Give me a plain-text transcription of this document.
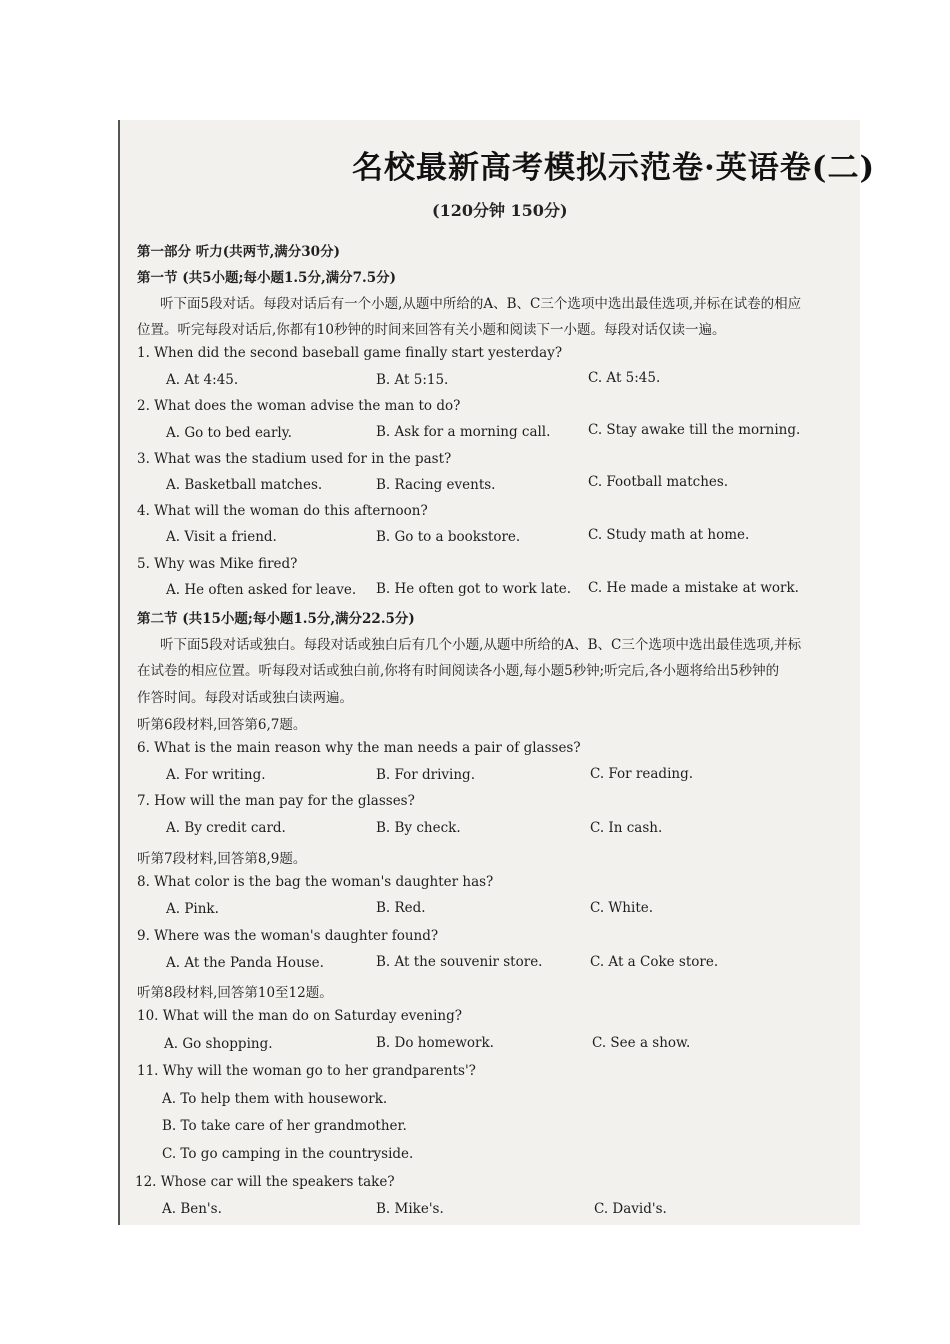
名校最新高考模拟示范卷·英语卷(二)
(120分钟 150分)
第一部分 听力(共两节,满分30分)
第一节 (共5小题;每小题1.5分,满分7.5分)
听下面5段对话。每段对话后有一个小题,从题中所给的A、B、C三个选项中选出最佳选项,并标在试卷的相应
位置。听完每段对话后,你都有10秒钟的时间来回答有关小题和阅读下一小题。每段对话仅读一遍。
1. When did the second baseball game finally start yesterday?
A. At 4:45.	B. At 5:15.	C. At 5:45.
2. What does the woman advise the man to do?
A. Go to bed early.	B. Ask for a morning call.	C. Stay awake till the morning.
3. What was the stadium used for in the past?
A. Basketball matches.	B. Racing events.	C. Football matches.
4. What will the woman do this afternoon?
A. Visit a friend.	B. Go to a bookstore.	C. Study math at home.
5. Why was Mike fired?
A. He often asked for leave. B. He often got to work late. C. He made a mistake at work.
第二节 (共15小题;每小题1.5分,满分22.5分)
听下面5段对话或独白。每段对话或独白后有几个小题,从题中所给的A、B、C三个选项中选出最佳选项,并标
在试卷的相应位置。听每段对话或独白前,你将有时间阅读各小题,每小题5秒钟;听完后,各小题将给出5秒钟的
作答时间。每段对话或独白读两遍。
听第6段材料,回答第6,7题。
6. What is the main reason why the man needs a pair of glasses?
A. For writing.	B. For driving.	C. For reading.
7. How will the man pay for the glasses?
A. By credit card.	B. By check.	C. In cash.
听第7段材料,回答第8,9题。
8. What color is the bag the woman's daughter has?
A. Pink.	B. Red.	C. White.
9. Where was the woman's daughter found?
A. At the Panda House.	B. At the souvenir store.	C. At a Coke store.
听第8段材料,回答第10至12题。
10. What will the man do on Saturday evening?
A. Go shopping.	B. Do homework.	C. See a show.
11. Why will the woman go to her grandparents'?
A. To help them with housework.
B. To take care of her grandmother.
C. To go camping in the countryside.
12. Whose car will the speakers take?
A. Ben's.	B. Mike's.	C. David's.
